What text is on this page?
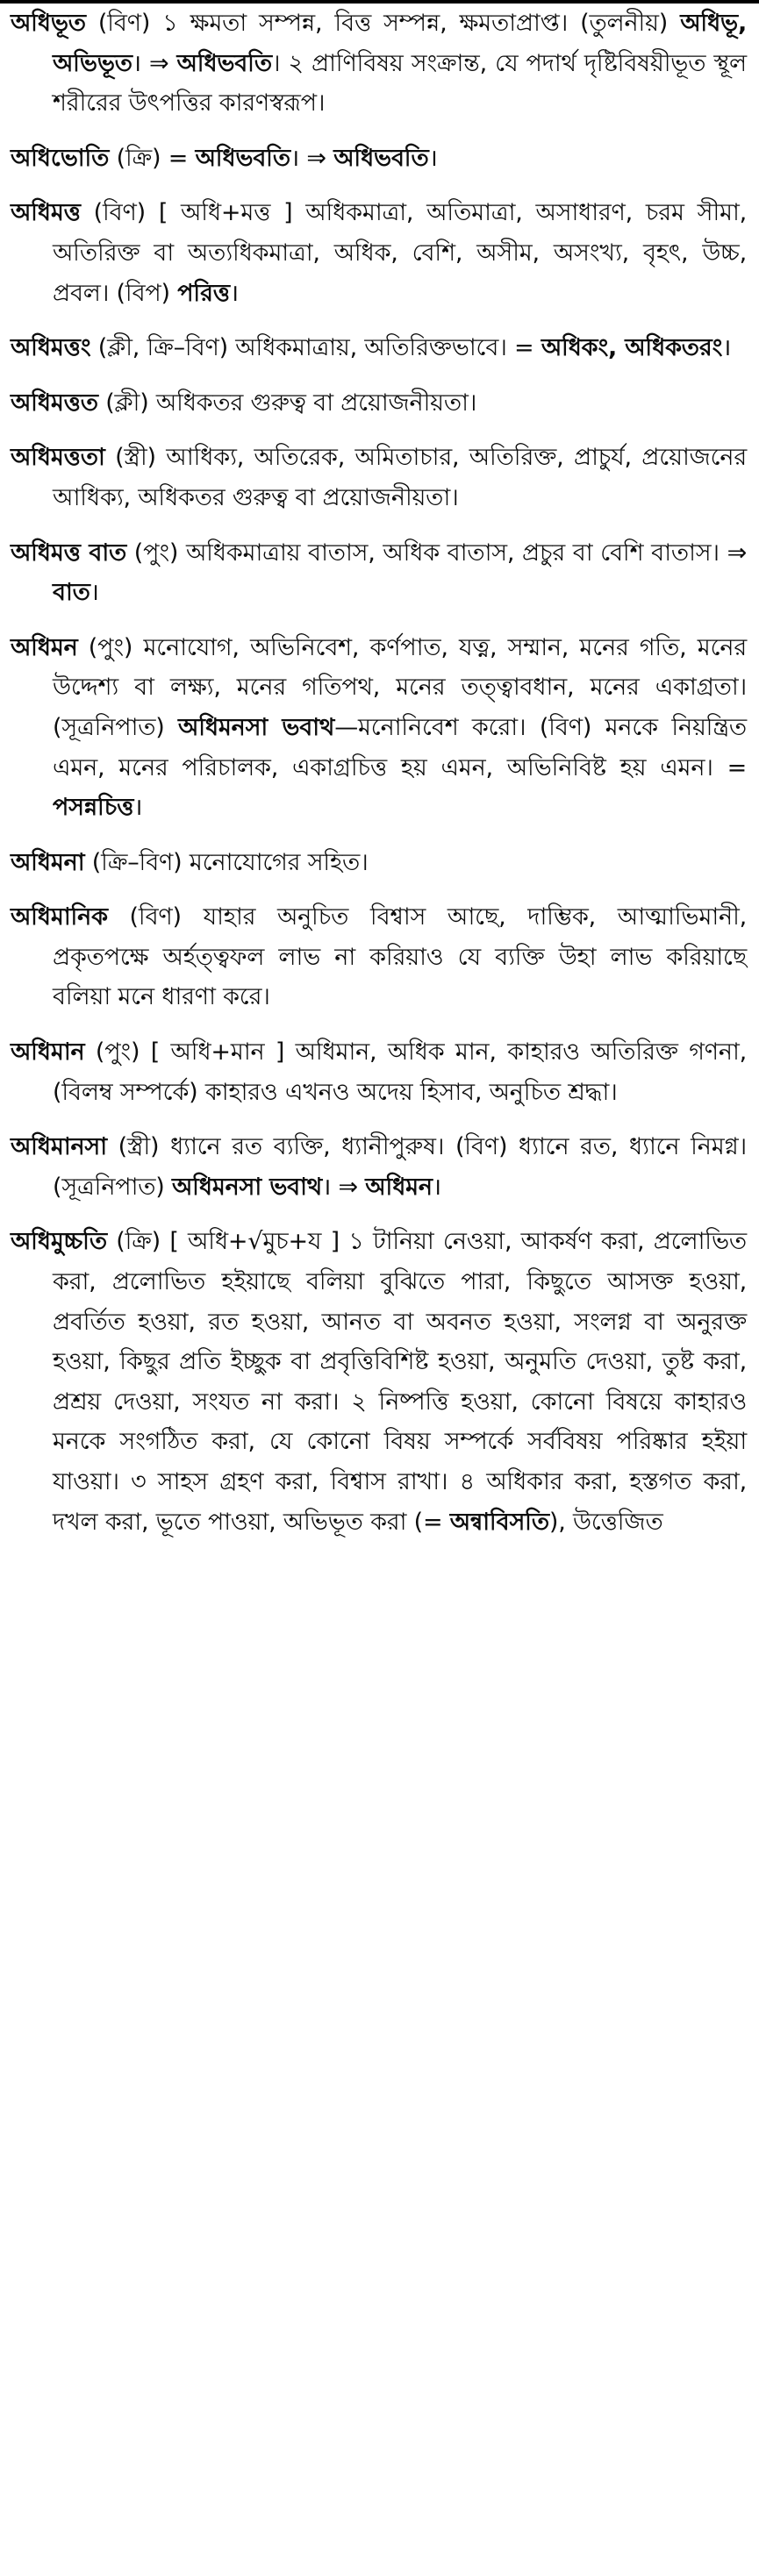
অধিভূত (বিণ) ১ ক্ষমতা সম্পন্ন, বিত্ত সম্পন্ন, ক্ষমতাপ্রাপ্ত। (তুলনীয়) অধিভূ, অভিভূত। ⇒ অধিভবতি। ২ প্রাণিবিষয় সংক্রান্ত, যে পদার্থ দৃষ্টিবিষয়ীভূত স্থূল শরীরের উৎপত্তির কারণস্বরূপ।

অধিভোতি (ক্রি) = অধিভবতি। ⇒ অধিভবতি।

অধিমত্ত (বিণ) [ অধি+মত্ত ] অধিকমাত্রা, অতিমাত্রা, অসাধারণ, চরম সীমা, অতিরিক্ত বা অত্যধিকমাত্রা, অধিক, বেশি, অসীম, অসংখ্য, বৃহৎ, উচ্চ, প্রবল। (বিপ) পরিত্ত।

অধিমত্তং (ক্লী, ক্রি–বিণ) অধিকমাত্রায়, অতিরিক্তভাবে। = অধিকং, অধিকতরং।

অধিমত্তত (ক্লী) অধিকতর গুরুত্ব বা প্রয়োজনীয়তা।

অধিমত্ততা (স্ত্রী) আধিক্য, অতিরেক, অমিতাচার, অতিরিক্ত, প্রাচুর্য, প্রয়োজনের আধিক্য, অধিকতর গুরুত্ব বা প্রয়োজনীয়তা।

অধিমত্ত বাত (পুং) অধিকমাত্রায় বাতাস, অধিক বাতাস, প্রচুর বা বেশি বাতাস। ⇒ বাত।

অধিমন (পুং) মনোযোগ, অভিনিবেশ, কর্ণপাত, যত্ন, সম্মান, মনের গতি, মনের উদ্দেশ্য বা লক্ষ্য, মনের গতিপথ, মনের তত্ত্বাবধান, মনের একাগ্রতা। (সূত্রনিপাত) অধিমনসা ভবাথ—মনোনিবেশ করো। (বিণ) মনকে নিয়ন্ত্রিত এমন, মনের পরিচালক, একাগ্রচিত্ত হয় এমন, অভিনিবিষ্ট হয় এমন। = পসন্নচিত্ত।

অধিমনা (ক্রি–বিণ) মনোযোগের সহিত।

অধিমানিক (বিণ) যাহার অনুচিত বিশ্বাস আছে, দাম্ভিক, আত্মাভিমানী, প্রকৃতপক্ষে অর্হত্ত্বফল লাভ না করিয়াও যে ব্যক্তি উহা লাভ করিয়াছে বলিয়া মনে ধারণা করে।

অধিমান (পুং) [ অধি+মান ] অধিমান, অধিক মান, কাহারও অতিরিক্ত গণনা, (বিলম্ব সম্পর্কে) কাহারও এখনও অদেয় হিসাব, অনুচিত শ্রদ্ধা।

অধিমানসা (স্ত্রী) ধ্যানে রত ব্যক্তি, ধ্যানীপুরুষ। (বিণ) ধ্যানে রত, ধ্যানে নিমগ্ন। (সূত্রনিপাত) অধিমনসা ভবাথ। ⇒ অধিমন।

অধিমুচ্চতি (ক্রি) [ অধি+√মুচ+য ] ১ টানিয়া নেওয়া, আকর্ষণ করা, প্রলোভিত করা, প্রলোভিত হইয়াছে বলিয়া বুঝিতে পারা, কিছুতে আসক্ত হওয়া, প্রবর্তিত হওয়া, রত হওয়া, আনত বা অবনত হওয়া, সংলগ্ন বা অনুরক্ত হওয়া, কিছুর প্রতি ইচ্ছুক বা প্রবৃত্তিবিশিষ্ট হওয়া, অনুমতি দেওয়া, তুষ্ট করা, প্রশ্রয় দেওয়া, সংযত না করা। ২ নিষ্পত্তি হওয়া, কোনো বিষয়ে কাহারও মনকে সংগঠিত করা, যে কোনো বিষয় সম্পর্কে সর্ববিষয় পরিষ্কার হইয়া যাওয়া। ৩ সাহস গ্রহণ করা, বিশ্বাস রাখা। ৪ অধিকার করা, হস্তগত করা, দখল করা, ভূতে পাওয়া, অভিভূত করা (= অন্বাবিসতি), উত্তেজিত
